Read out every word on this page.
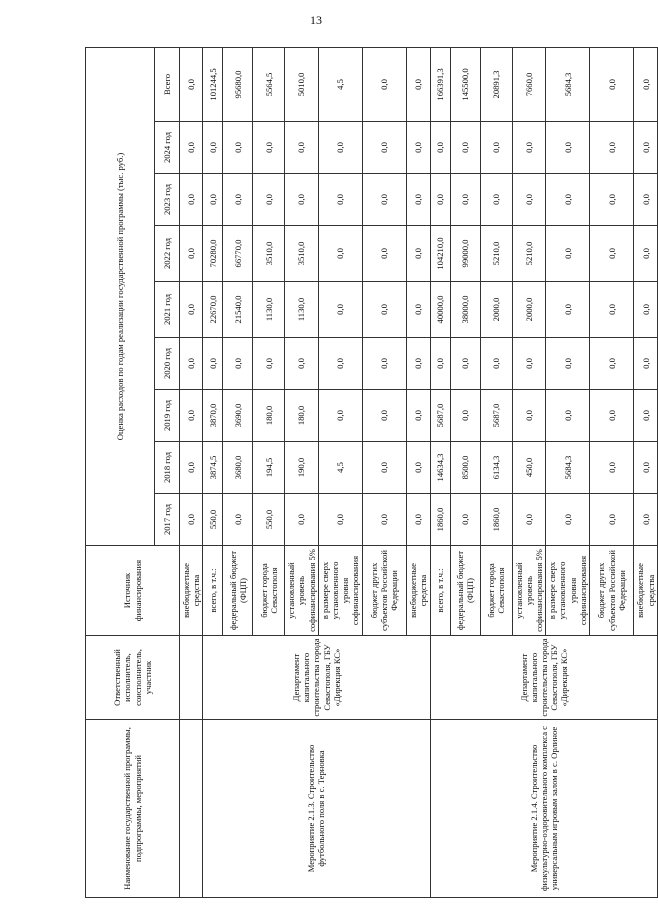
13
Наименование государственной программы, подпрограммы, мероприятий	Ответственный исполнитель, соисполнитель, участник	Источник финансирования	Оценка расходов по годам реализации государственной программы (тыс. руб.)								
			2017 год	2018 год	2019 год	2020 год	2021 год	2022 год	2023 год	2024 год	Всего
		внебюджетные средства	0,0	0,0	0,0	0,0	0,0	0,0	0,0	0,0	0,0
Мероприятие 2.1.3. Строительство футбольного поля в с. Терновка	Департамент капитального строительства города Севастополя, ГБУ «Дирекция КС»	всего, в т.ч.:	550,0	3874,5	3870,0	0,0	22670,0	70280,0	0,0	0,0	101244,5
		федеральный бюджет (ФЦП)	0,0	3680,0	3690,0	0,0	21540,0	66770,0	0,0	0,0	95680,0
		бюджет города Севастополя	550,0	194,5	180,0	0,0	1130,0	3510,0	0,0	0,0	5564,5
		установленный уровень софинансирования 5%	0,0	190,0	180,0	0,0	1130,0	3510,0	0,0	0,0	5010,0
		в размере сверх установленного уровня софинансирования	0,0	4,5	0,0	0,0	0,0	0,0	0,0	0,0	4,5
		бюджет других субъектов Российской Федерации	0,0	0,0	0,0	0,0	0,0	0,0	0,0	0,0	0,0
		внебюджетные средства	0,0	0,0	0,0	0,0	0,0	0,0	0,0	0,0	0,0
Мероприятие 2.1.4. Строительство физкультурно-оздоровительного комплекса с универсальным игровым залом в с. Орлиное	Департамент капитального строительства города Севастополя, ГБУ «Дирекция КС»	всего, в т.ч.:	1860,0	14634,3	5687,0	0,0	40000,0	104210,0	0,0	0,0	166391,3
		федеральный бюджет (ФЦП)	0,0	8500,0	0,0	0,0	38000,0	99000,0	0,0	0,0	145500,0
		бюджет города Севастополя	1860,0	6134,3	5687,0	0,0	2000,0	5210,0	0,0	0,0	20891,3
		установленный уровень софинансирования 5%	0,0	450,0	0,0	0,0	2000,0	5210,0	0,0	0,0	7660,0
		в размере сверх установленного уровня софинансирования	0,0	5684,3	0,0	0,0	0,0	0,0	0,0	0,0	5684,3
		бюджет других субъектов Российской Федерации	0,0	0,0	0,0	0,0	0,0	0,0	0,0	0,0	0,0
		внебюджетные средства	0,0	0,0	0,0	0,0	0,0	0,0	0,0	0,0	0,0
